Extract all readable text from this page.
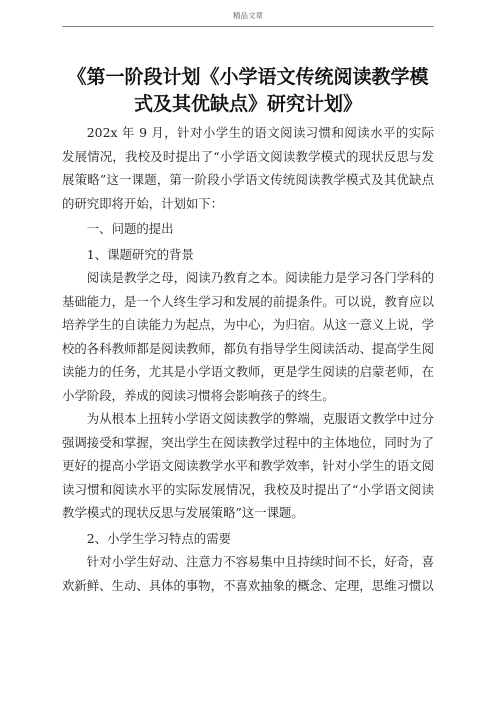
精品文章
《第一阶段计划《小学语文传统阅读教学模式及其优缺点》研究计划》

202x 年 9 月，针对小学生的语文阅读习惯和阅读水平的实际发展情况，我校及时提出了“小学语文阅读教学模式的现状反思与发展策略”这一课题，第一阶段小学语文传统阅读教学模式及其优缺点的研究即将开始，计划如下：

一、问题的提出

1、课题研究的背景

阅读是教学之母，阅读乃教育之本。阅读能力是学习各门学科的基础能力，是一个人终生学习和发展的前提条件。可以说，教育应以培养学生的自读能力为起点，为中心，为归宿。从这一意义上说，学校的各科教师都是阅读教师，都负有指导学生阅读活动、提高学生阅读能力的任务，尤其是小学语文教师，更是学生阅读的启蒙老师，在小学阶段，养成的阅读习惯将会影响孩子的终生。

为从根本上扭转小学语文阅读教学的弊端，克服语文教学中过分强调接受和掌握，突出学生在阅读教学过程中的主体地位，同时为了更好的提高小学语文阅读教学水平和教学效率，针对小学生的语文阅读习惯和阅读水平的实际发展情况，我校及时提出了“小学语文阅读教学模式的现状反思与发展策略”这一课题。

2、小学生学习特点的需要

针对小学生好动、注意力不容易集中且持续时间不长，好奇，喜欢新鲜、生动、具体的事物，不喜欢抽象的概念、定理，思维习惯以
